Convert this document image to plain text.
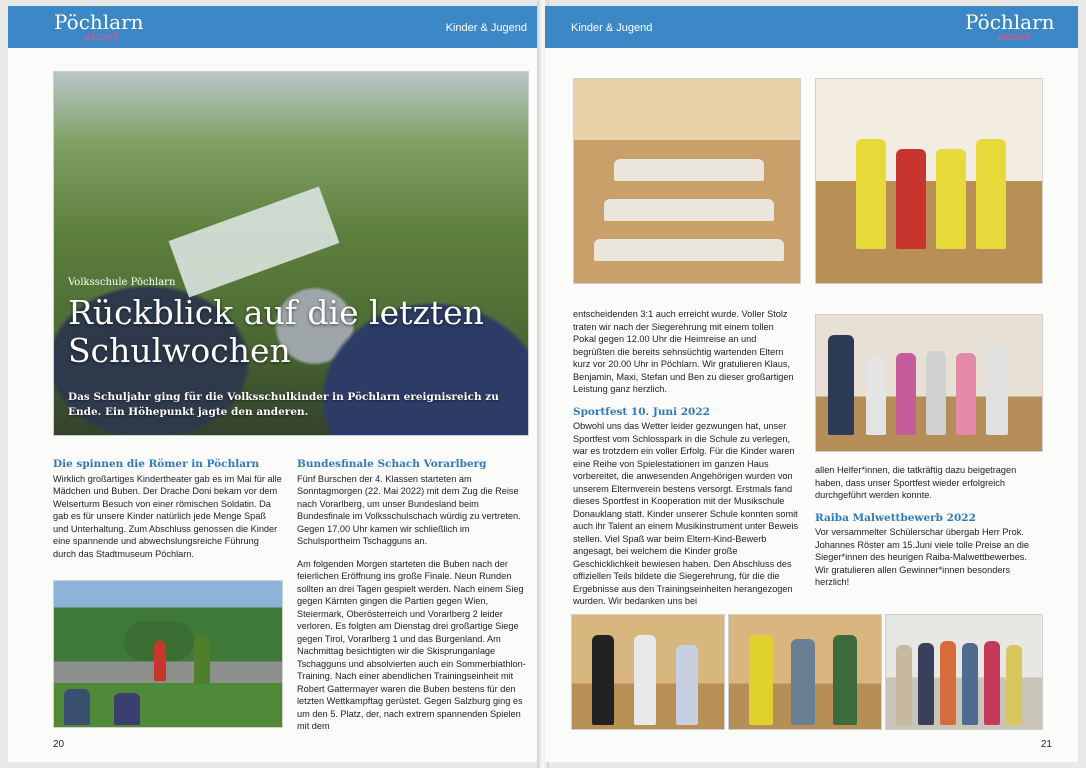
Pöchlarn
aktuell
Kinder & Jugend
Volksschule Pöchlarn
Rückblick auf die letzten Schulwochen
Das Schuljahr ging für die Volksschulkinder in Pöchlarn ereignisreich zu Ende. Ein Höhepunkt jagte den anderen.
Die spinnen die Römer in Pöchlarn

Wirklich großartiges Kindertheater gab es im Mai für alle Mädchen und Buben. Der Drache Doni bekam vor dem Welserturm Besuch von einer römischen Soldatin. Da gab es für unsere Kinder natürlich jede Menge Spaß und Unterhaltung. Zum Abschluss genossen die Kinder eine spannende und abwechslungsreiche Führung durch das Stadtmuseum Pöchlarn.

Bundesfinale Schach Vorarlberg

Fünf Burschen der 4. Klassen starteten am Sonntagmorgen (22. Mai 2022) mit dem Zug die Reise nach Vorarlberg, um unser Bundesland beim Bundesfinale im Volksschulschach würdig zu vertreten. Gegen 17.00 Uhr kamen wir schließlich im Schulsportheim Tschagguns an.

Am folgenden Morgen starteten die Buben nach der feierlichen Eröffnung ins große Finale. Neun Runden sollten an drei Tagen gespielt werden. Nach einem Sieg gegen Kärnten gingen die Partien gegen Wien, Steiermark, Oberösterreich und Vorarlberg 2 leider verloren. Es folgten am Dienstag drei großartige Siege gegen Tirol, Vorarlberg 1 und das Burgenland. Am Nachmittag besichtigten wir die Skisprunganlage Tschagguns und absolvierten auch ein Sommerbiathlon-Training. Nach einer abendlichen Trainingseinheit mit Robert Gattermayer waren die Buben bestens für den letzten Wettkampftag gerüstet. Gegen Salzburg ging es um den 5. Platz, der, nach extrem spannenden Spielen mit dem

20
Kinder & Jugend	Pöchlarn
aktuell

entscheidenden 3:1 auch erreicht wurde. Voller Stolz traten wir nach der Siegerehrung mit einem tollen Pokal gegen 12.00 Uhr die Heimreise an und begrüßten die bereits sehnsüchtig wartenden Eltern kurz vor 20.00 Uhr in Pöchlarn. Wir gratulieren Klaus, Benjamin, Maxi, Stefan und Ben zu dieser großartigen Leistung ganz herzlich.

Sportfest 10. Juni 2022

Obwohl uns das Wetter leider gezwungen hat, unser Sportfest vom Schlosspark in die Schule zu verlegen, war es trotzdem ein voller Erfolg. Für die Kinder waren eine Reihe von Spielestationen im ganzen Haus vorbereitet, die anwesenden Angehörigen wurden von unserem Elternverein bestens versorgt. Erstmals fand dieses Sportfest in Kooperation mit der Musikschule Donauklang statt. Kinder unserer Schule konnten somit auch ihr Talent an einem Musikinstrument unter Beweis stellen. Viel Spaß war beim Eltern-Kind-Bewerb angesagt, bei welchem die Kinder große Geschicklichkeit bewiesen haben. Den Abschluss des offiziellen Teils bildete die Siegerehrung, für die die Ergebnisse aus den Trainingseinheiten herangezogen wurden. Wir bedanken uns bei

allen Helfer*innen, die tatkräftig dazu beigetragen haben, dass unser Sportfest wieder erfolgreich durchgeführt werden konnte.

Raiba Malwettbewerb 2022

Vor versammelter Schülerschar übergab Herr Prok. Johannes Röster am 15.Juni viele tolle Preise an die Sieger*innen des heurigen Raiba-Malwettbewerbes. Wir gratulieren allen Gewinner*innen besonders herzlich!

21
